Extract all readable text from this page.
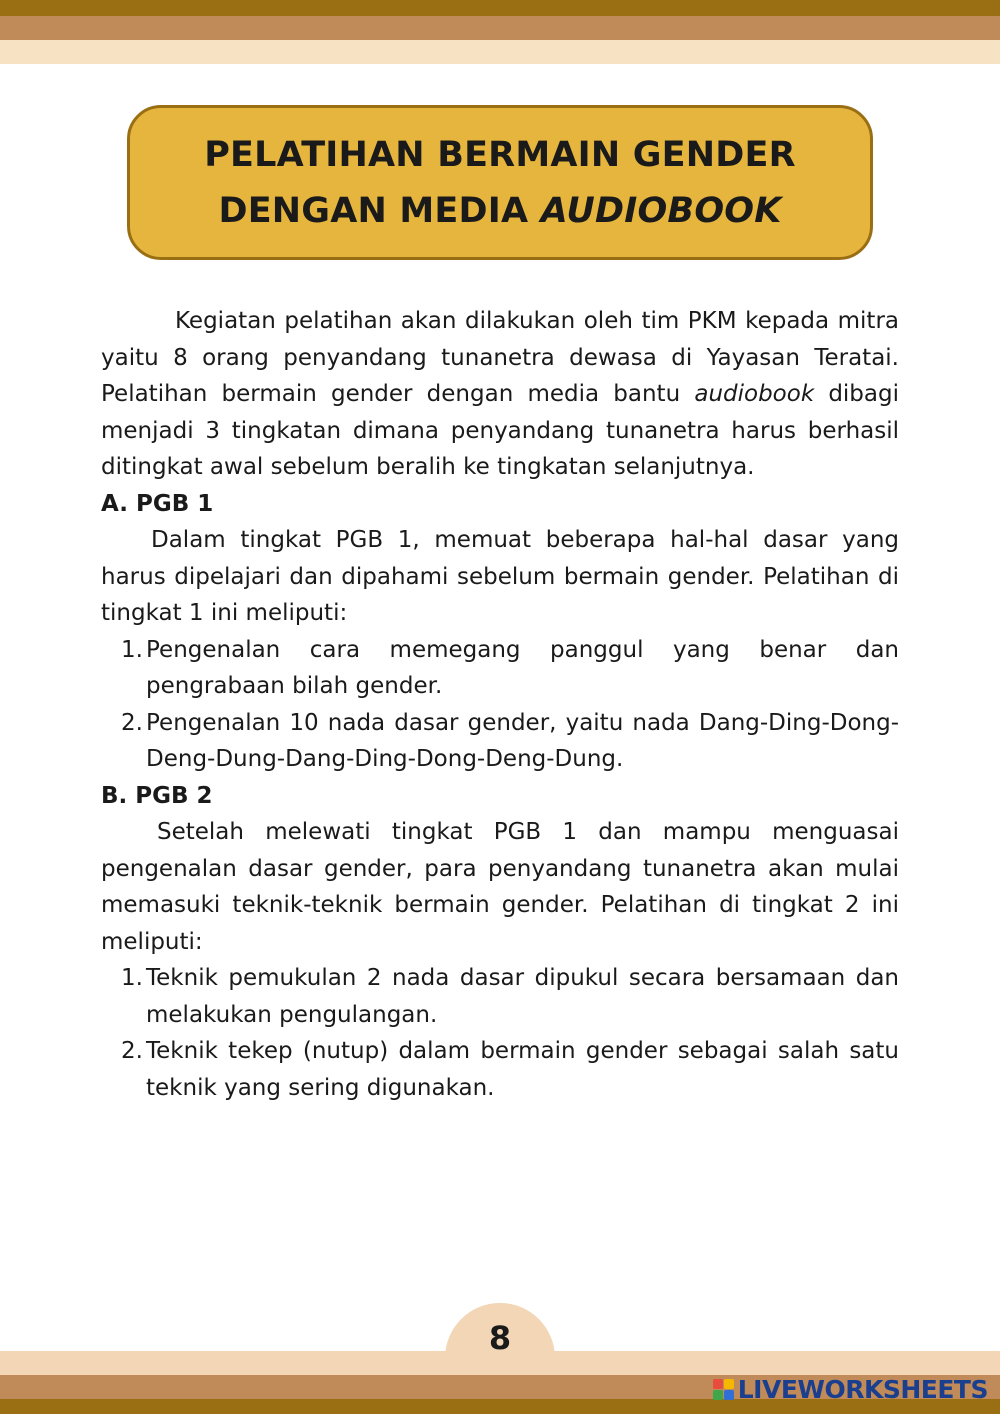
PELATIHAN BERMAIN GENDER
DENGAN MEDIA AUDIOBOOK

Kegiatan pelatihan akan dilakukan oleh tim PKM kepada mitra yaitu 8 orang penyandang tunanetra dewasa di Yayasan Teratai. Pelatihan bermain gender dengan media bantu audiobook dibagi menjadi 3 tingkatan dimana penyandang tunanetra harus berhasil ditingkat awal sebelum beralih ke tingkatan selanjutnya.

A. PGB 1

Dalam tingkat PGB 1, memuat beberapa hal-hal dasar yang harus dipelajari dan dipahami sebelum bermain gender. Pelatihan di tingkat 1 ini meliputi:

1. Pengenalan cara memegang panggul yang benar dan pengrabaan bilah gender.
2. Pengenalan 10 nada dasar gender, yaitu nada Dang-Ding-Dong-Deng-Dung-Dang-Ding-Dong-Deng-Dung.

B. PGB 2

Setelah melewati tingkat PGB 1 dan mampu menguasai pengenalan dasar gender, para penyandang tunanetra akan mulai memasuki teknik-teknik bermain gender. Pelatihan di tingkat 2 ini meliputi:

1. Teknik pemukulan 2 nada dasar dipukul secara bersamaan dan melakukan pengulangan.
2. Teknik tekep (nutup) dalam bermain gender sebagai salah satu teknik yang sering digunakan.
8
LIVEWORKSHEETS
